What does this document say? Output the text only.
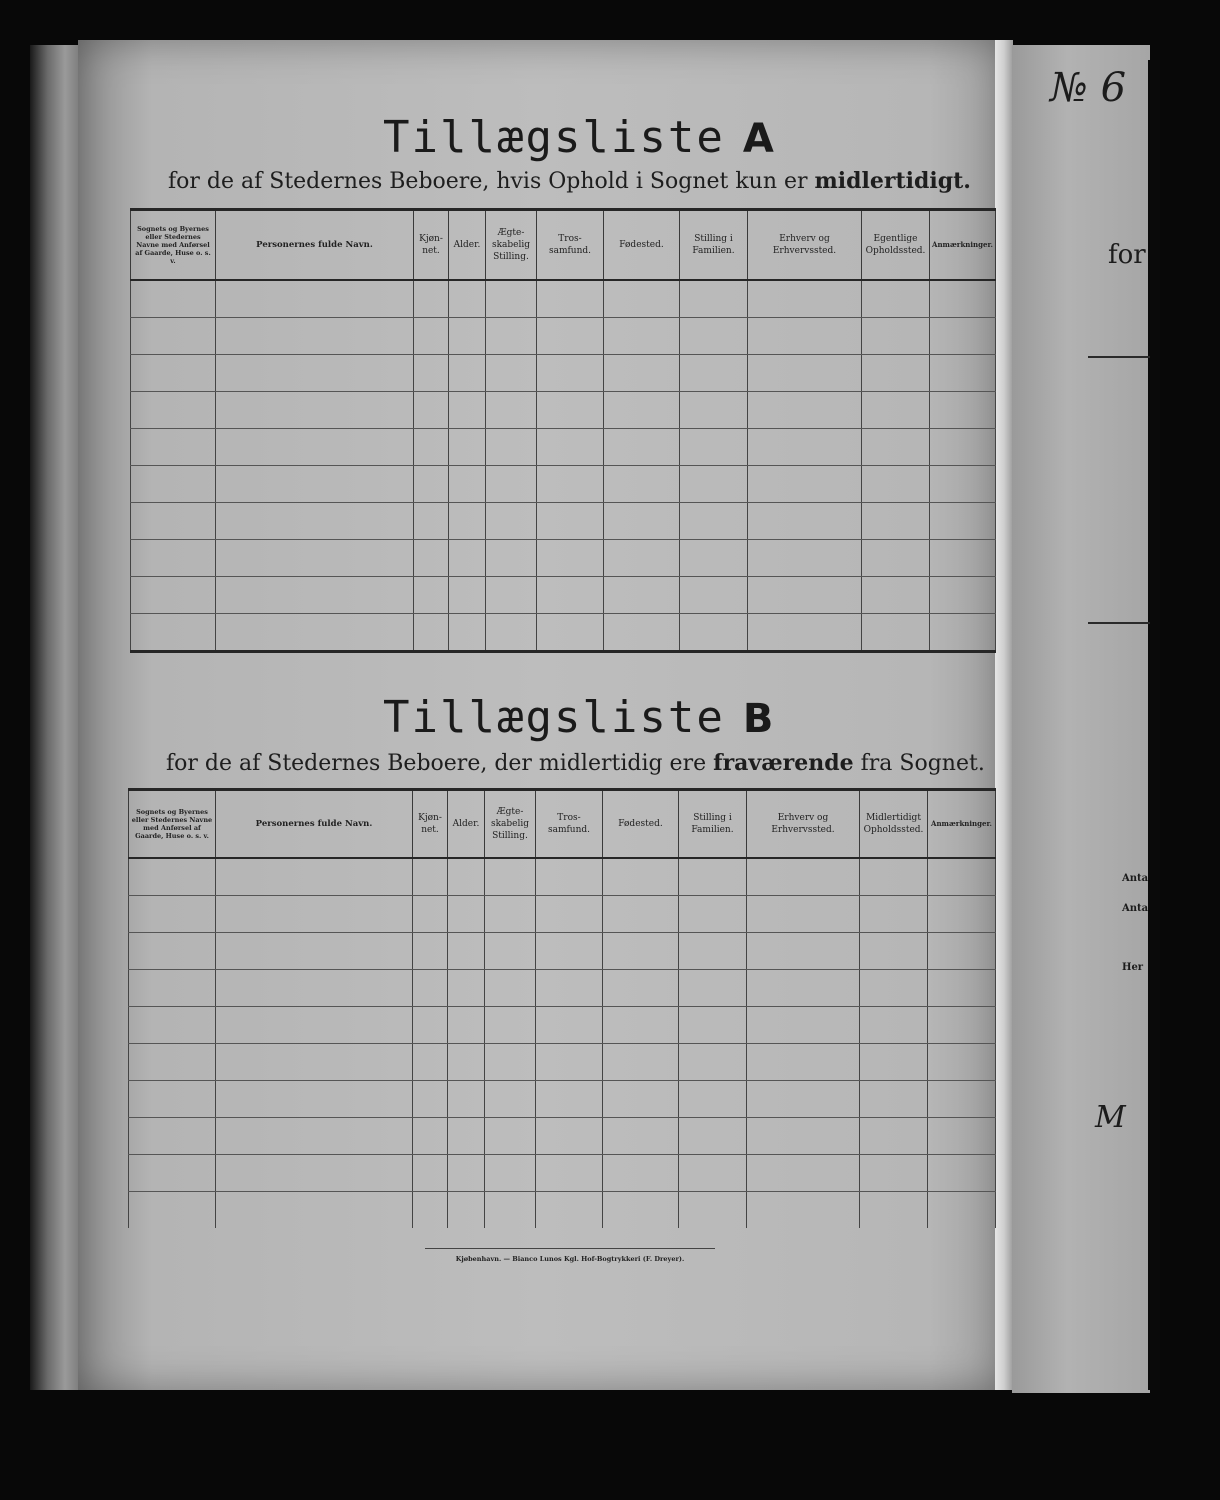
Tillægsliste A
for de af Stedernes Beboere, hvis Ophold i Sognet kun er midlertidigt.
Sognets og Byernes eller Stedernes Navne med Anførsel af Gaarde, Huse o. s. v.	Personernes fulde Navn.	Kjøn-net.	Alder.	Ægte-skabelig Stilling.	Tros-samfund.	Fødested.	Stilling i Familien.	Erhverv og Erhvervssted.	Egentlige Opholdssted.	Anmærkninger.

Tillægsliste B
for de af Stedernes Beboere, der midlertidig ere fraværende fra Sognet.
Sognets og Byernes eller Stedernes Navne med Anførsel af Gaarde, Huse o. s. v.	Personernes fulde Navn.	Kjøn-net.	Alder.	Ægte-skabelig Stilling.	Tros-samfund.	Fødested.	Stilling i Familien.	Erhverv og Erhvervssted.	Midlertidigt Opholdssted.	Anmærkninger.

Kjøbenhavn. — Bianco Lunos Kgl. Hof-Bogtrykkeri (F. Dreyer).
№ 6
for
Anta
Anta
Her
M
